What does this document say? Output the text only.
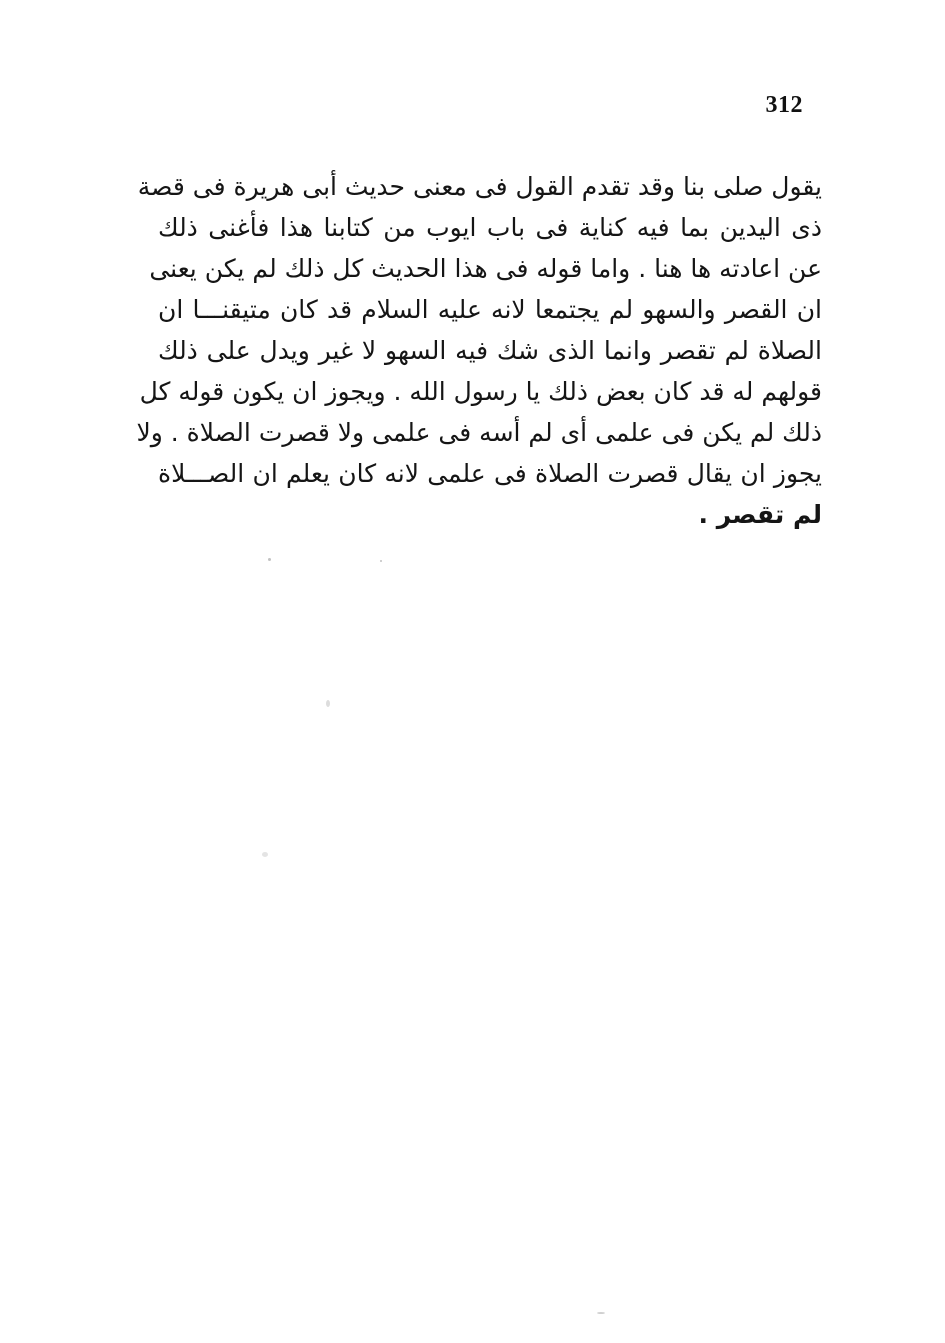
312
يقول صلى بنا وقد تقدم القول فى معنى حديث أبى هريرة فى قصة
ذى اليدين بما فيه كناية فى باب ايوب من كتابنا هذا فأغنى ذلك
عن اعادته ها هنا . واما قوله فى هذا الحديث كل ذلك لم يكن يعنى
ان القصر والسهو لم يجتمعا لانه عليه السلام قد كان متيقنـــا ان
الصلاة لم تقصر وانما الذى شك فيه السهو لا غير ويدل على ذلك
قولهم له قد كان بعض ذلك يا رسول الله . ويجوز ان يكون قوله كل
ذلك لم يكن فى علمى أى لم أسه فى علمى ولا قصرت الصلاة . ولا
يجوز ان يقال قصرت الصلاة فى علمى لانه كان يعلم ان الصـــلاة
لم تقصر .
